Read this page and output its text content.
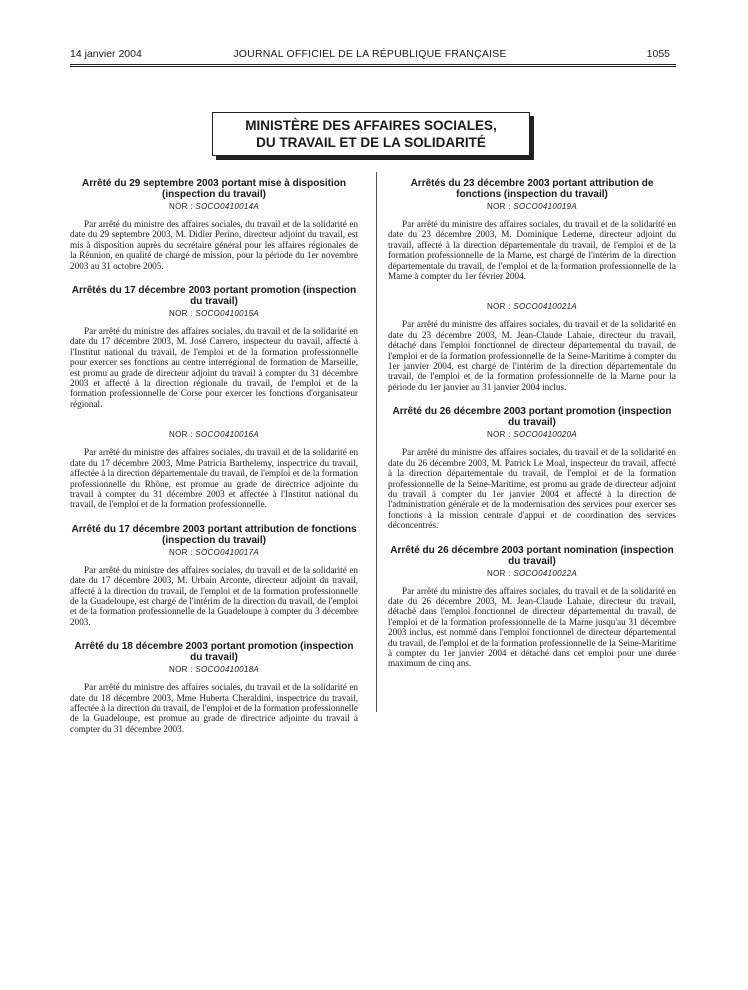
14 janvier 2004	JOURNAL OFFICIEL DE LA RÉPUBLIQUE FRANÇAISE	1055
MINISTÈRE DES AFFAIRES SOCIALES,
DU TRAVAIL ET DE LA SOLIDARITÉ
Arrêté du 29 septembre 2003 portant mise à disposition (inspection du travail)
NOR : SOCO0410014A

Par arrêté du ministre des affaires sociales, du travail et de la solidarité en date du 29 septembre 2003, M. Didier Perino, directeur adjoint du travail, est mis à disposition auprès du secrétaire général pour les affaires régionales de la Réunion, en qualité de chargé de mission, pour la période du 1er novembre 2003 au 31 octobre 2005.

Arrêtés du 17 décembre 2003 portant promotion (inspection du travail)
NOR : SOCO0410015A

Par arrêté du ministre des affaires sociales, du travail et de la solidarité en date du 17 décembre 2003, M. José Carrero, inspecteur du travail, affecté à l'Institut national du travail, de l'emploi et de la formation professionnelle pour exercer ses fonctions au centre interrégional de formation de Marseille, est promu au grade de directeur adjoint du travail à compter du 31 décembre 2003 et affecté à la direction régionale du travail, de l'emploi et de la formation professionnelle de Corse pour exercer les fonctions d'organisateur régional.

NOR : SOCO0410016A

Par arrêté du ministre des affaires sociales, du travail et de la solidarité en date du 17 décembre 2003, Mme Patricia Barthelemy, inspectrice du travail, affectée à la direction départementale du travail, de l'emploi et de la formation professionnelle du Rhône, est promue au grade de directrice adjointe du travail à compter du 31 décembre 2003 et affectée à l'Institut national du travail, de l'emploi et de la formation professionnelle.

Arrêté du 17 décembre 2003 portant attribution de fonctions (inspection du travail)
NOR : SOCO0410017A

Par arrêté du ministre des affaires sociales, du travail et de la solidarité en date du 17 décembre 2003, M. Urbain Arconte, directeur adjoint du travail, affecté à la direction du travail, de l'emploi et de la formation professionnelle de la Guadeloupe, est chargé de l'intérim de la direction du travail, de l'emploi et de la formation professionnelle de la Guadeloupe à compter du 3 décembre 2003.

Arrêté du 18 décembre 2003 portant promotion (inspection du travail)
NOR : SOCO0410018A

Par arrêté du ministre des affaires sociales, du travail et de la solidarité en date du 18 décembre 2003, Mme Huberta Cheraldini, inspectrice du travail, affectée à la direction du travail, de l'emploi et de la formation professionnelle de la Guadeloupe, est promue au grade de directrice adjointe du travail à compter du 31 décembre 2003.

Arrêtés du 23 décembre 2003 portant attribution de fonctions (inspection du travail)
NOR : SOCO0410019A

Par arrêté du ministre des affaires sociales, du travail et de la solidarité en date du 23 décembre 2003, M. Dominique Lederne, directeur adjoint du travail, affecté à la direction départementale du travail, de l'emploi et de la formation professionnelle de la Marne, est chargé de l'intérim de la direction départementale du travail, de l'emploi et de la formation professionnelle de la Marne à compter du 1er février 2004.

NOR : SOCO0410021A

Par arrêté du ministre des affaires sociales, du travail et de la solidarité en date du 23 décembre 2003, M. Jean-Claude Lahaie, directeur du travail, détaché dans l'emploi fonctionnel de directeur départemental du travail, de l'emploi et de la formation professionnelle de la Seine-Maritime à compter du 1er janvier 2004, est chargé de l'intérim de la direction départementale du travail, de l'emploi et de la formation professionnelle de la Marne pour la période du 1er janvier au 31 janvier 2004 inclus.

Arrêté du 26 décembre 2003 portant promotion (inspection du travail)
NOR : SOCO0410020A

Par arrêté du ministre des affaires sociales, du travail et de la solidarité en date du 26 décembre 2003, M. Patrick Le Moal, inspecteur du travail, affecté à la direction départementale du travail, de l'emploi et de la formation professionnelle de la Seine-Maritime, est promu au grade de directeur adjoint du travail à compter du 1er janvier 2004 et affecté à la direction de l'administration générale et de la modernisation des services pour exercer ses fonctions à la mission centrale d'appui et de coordination des services déconcentrés.

Arrêté du 26 décembre 2003 portant nomination (inspection du travail)
NOR : SOCO0410022A

Par arrêté du ministre des affaires sociales, du travail et de la solidarité en date du 26 décembre 2003, M. Jean-Claude Lahaie, directeur du travail, détaché dans l'emploi fonctionnel de directeur départemental du travail, de l'emploi et de la formation professionnelle de la Marne jusqu'au 31 décembre 2003 inclus, est nommé dans l'emploi fonctionnel de directeur départemental du travail, de l'emploi et de la formation professionnelle de la Seine-Maritime à compter du 1er janvier 2004 et détaché dans cet emploi pour une durée maximum de cinq ans.
